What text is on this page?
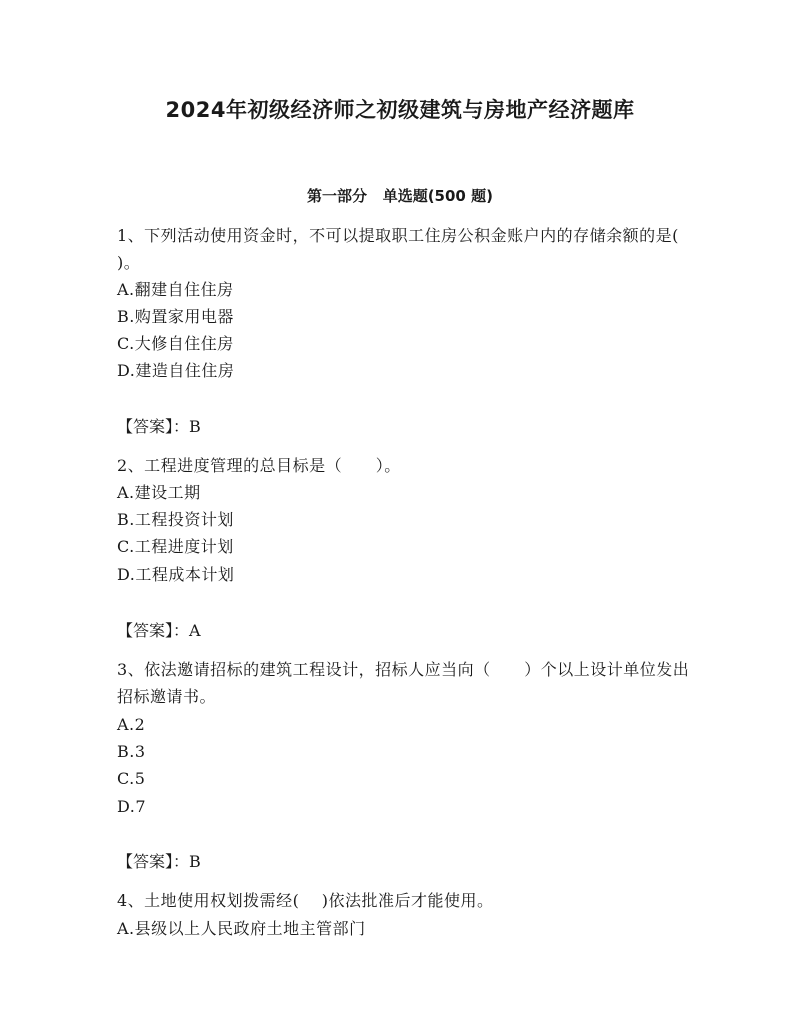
2024年初级经济师之初级建筑与房地产经济题库
第一部分   单选题(500 题)

1、下列活动使用资金时，不可以提取职工住房公积金账户内的存储余额的是(    )。

A.翻建自住住房

B.购置家用电器

C.大修自住住房

D.建造自住住房

【答案】：B

2、工程进度管理的总目标是（      ）。

A.建设工期

B.工程投资计划

C.工程进度计划

D.工程成本计划

【答案】：A

3、依法邀请招标的建筑工程设计，招标人应当向（      ）个以上设计单位发出招标邀请书。

A.2

B.3

C.5

D.7

【答案】：B

4、土地使用权划拨需经(    )依法批准后才能使用。

A.县级以上人民政府土地主管部门
